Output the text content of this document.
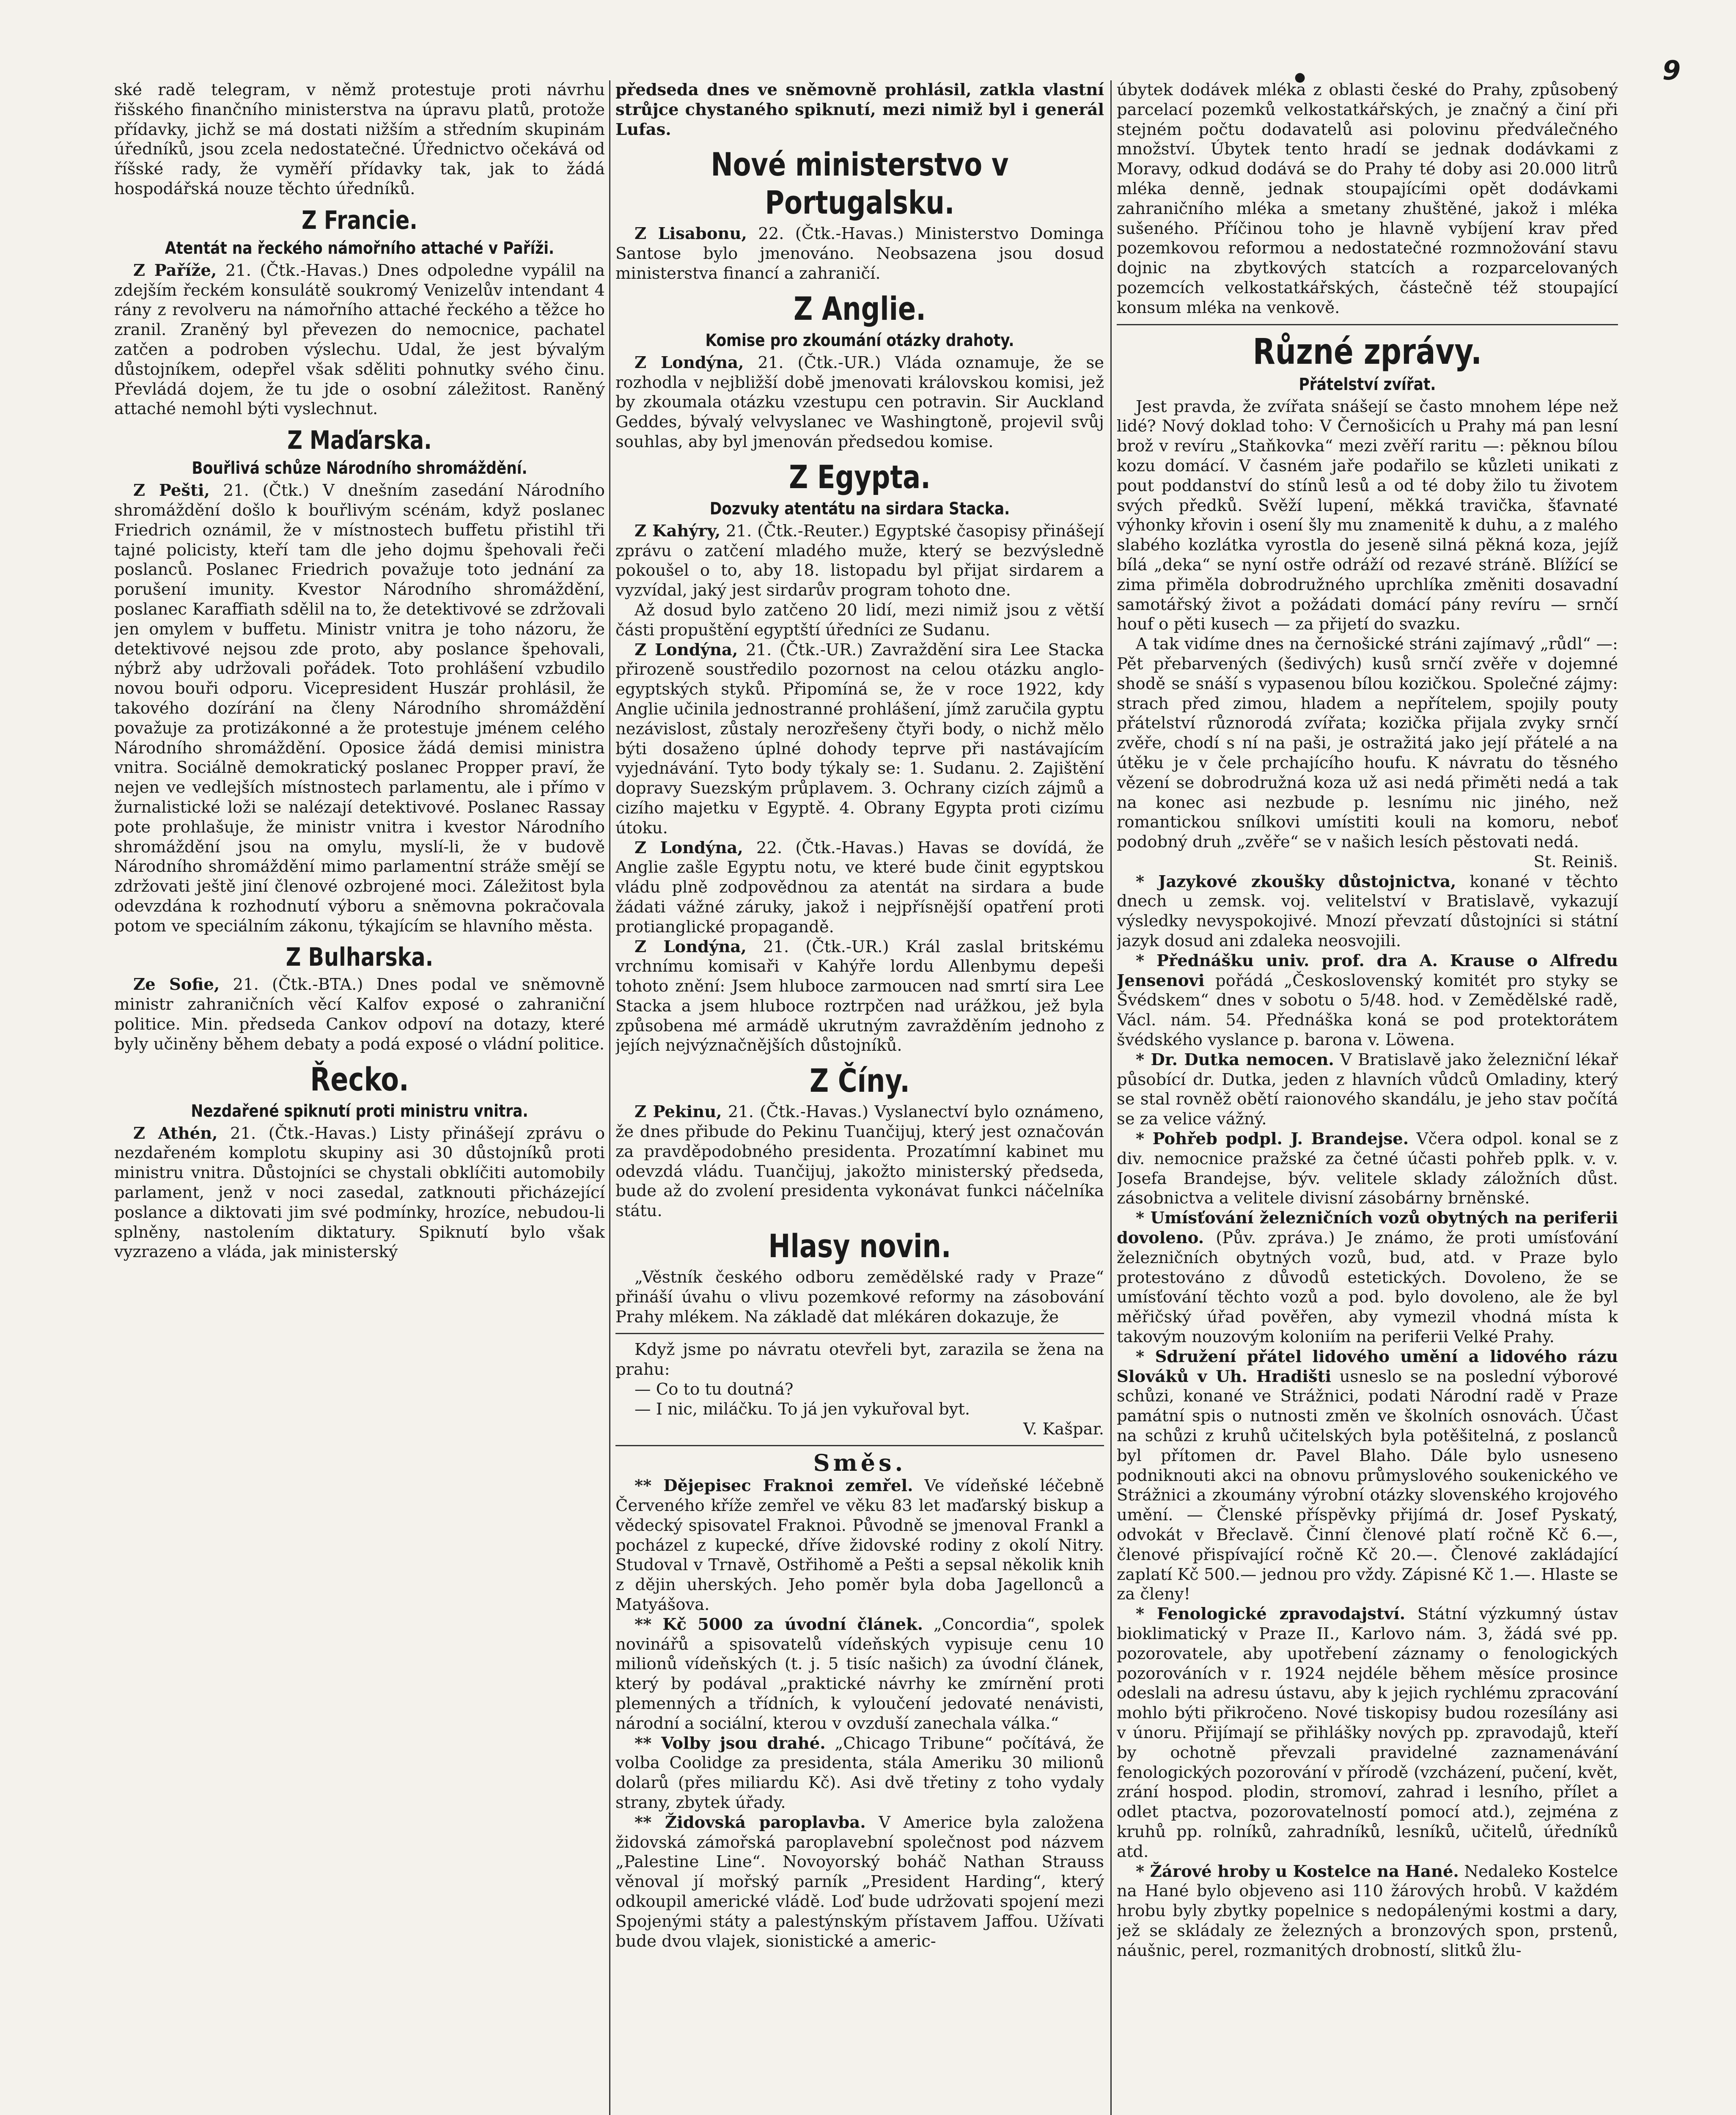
9
●

ské radě telegram, v němž protestuje proti návrhu řišského finančního ministerstva na úpravu platů, protože přídavky, jichž se má dostati nižším a středním skupinám úředníků, jsou zcela nedostatečné. Úřednictvo očekává od říšské rady, že vyměří přídavky tak, jak to žádá hospodářská nouze těchto úředníků.

Z Francie.
Atentát na řeckého námořního attaché v Paříži.

Z Paříže, 21. (Čtk.-Havas.) Dnes odpoledne vypálil na zdejším řeckém konsulátě soukromý Venizelův intendant 4 rány z revolveru na námořního attaché řeckého a těžce ho zranil. Zraněný byl převezen do nemocnice, pachatel zatčen a podroben výslechu. Udal, že jest bývalým důstojníkem, odepřel však sděliti pohnutky svého činu. Převládá dojem, že tu jde o osobní záležitost. Raněný attaché nemohl býti vyslechnut.

Z Maďarska.
Bouřlivá schůze Národního shromáždění.

Z Pešti, 21. (Čtk.) V dnešním zasedání Národního shromáždění došlo k bouřlivým scénám, když poslanec Friedrich oznámil, že v místnostech buffetu přistihl tři tajné policisty, kteří tam dle jeho dojmu špehovali řeči poslanců. Poslanec Friedrich považuje toto jednání za porušení imunity. Kvestor Národního shromáždění, poslanec Karaffiath sdělil na to, že detektivové se zdržovali jen omylem v buffetu. Ministr vnitra je toho názoru, že detektivové nejsou zde proto, aby poslance špehovali, nýbrž aby udržovali pořádek. Toto prohlášení vzbudilo novou bouři odporu. Vicepresident Huszár prohlásil, že takového dozírání na členy Národního shromáždění považuje za protizákonné a že protestuje jménem celého Národního shromáždění. Oposice žádá demisi ministra vnitra. Sociálně demokratický poslanec Propper praví, že nejen ve vedlejších místnostech parlamentu, ale i přímo v žurnalistické loži se nalézají detektivové. Poslanec Rassay pote prohlašuje, že ministr vnitra i kvestor Národního shromáždění jsou na omylu, myslí-li, že v budově Národního shromáždění mimo parlamentní stráže smějí se zdržovati ještě jiní členové ozbrojené moci. Záležitost byla odevzdána k rozhodnutí výboru a sněmovna pokračovala potom ve speciálním zákonu, týkajícím se hlavního města.

Z Bulharska.

Ze Sofie, 21. (Čtk.-BTA.) Dnes podal ve sněmovně ministr zahraničních věcí Kalfov exposé o zahraniční politice. Min. předseda Cankov odpoví na dotazy, které byly učiněny během debaty a podá exposé o vládní politice.

Řecko.
Nezdařené spiknutí proti ministru vnitra.

Z Athén, 21. (Čtk.-Havas.) Listy přinášejí zprávu o nezdařeném komplotu skupiny asi 30 důstojníků proti ministru vnitra. Důstojníci se chystali obklíčiti automobily parlament, jenž v noci zasedal, zatknouti přicházející poslance a diktovati jim své podmínky, hrozíce, nebudou-li splněny, nastolením diktatury. Spiknutí bylo však vyzrazeno a vláda, jak ministerský

předseda dnes ve sněmovně prohlásil, zatkla vlastní strůjce chystaného spiknutí, mezi nimiž byl i generál Lufas.

Nové ministerstvo v Portugalsku.

Z Lisabonu, 22. (Čtk.-Havas.) Ministerstvo Dominga Santose bylo jmenováno. Neobsazena jsou dosud ministerstva financí a zahraničí.

Z Anglie.
Komise pro zkoumání otázky drahoty.

Z Londýna, 21. (Čtk.-UR.) Vláda oznamuje, že se rozhodla v nejbližší době jmenovati královskou komisi, jež by zkoumala otázku vzestupu cen potravin. Sir Auckland Geddes, bývalý velvyslanec ve Washingtoně, projevil svůj souhlas, aby byl jmenován předsedou komise.

Z Egypta.
Dozvuky atentátu na sirdara Stacka.

Z Kahýry, 21. (Čtk.-Reuter.) Egyptské časopisy přinášejí zprávu o zatčení mladého muže, který se bezvýsledně pokoušel o to, aby 18. listopadu byl přijat sirdarem a vyzvídal, jaký jest sirdarův program tohoto dne.

Až dosud bylo zatčeno 20 lidí, mezi nimiž jsou z větší části propuštění egyptští úředníci ze Sudanu.

Z Londýna, 21. (Čtk.-UR.) Zavraždění sira Lee Stacka přirozeně soustředilo pozornost na celou otázku anglo-egyptských styků. Připomíná se, že v roce 1922, kdy Anglie učinila jednostranné prohlášení, jímž zaručila gyptu nezávislost, zůstaly nerozřešeny čtyři body, o nichž mělo býti dosaženo úplné dohody teprve při nastávajícím vyjednávání. Tyto body týkaly se: 1. Sudanu. 2. Zajištění dopravy Suezským průplavem. 3. Ochrany cizích zájmů a cizího majetku v Egyptě. 4. Obrany Egypta proti cizímu útoku.

Z Londýna, 22. (Čtk.-Havas.) Havas se dovídá, že Anglie zašle Egyptu notu, ve které bude činit egyptskou vládu plně zodpovědnou za atentát na sirdara a bude žádati vážné záruky, jakož i nejpřísnější opatření proti protianglické propagandě.

Z Londýna, 21. (Čtk.-UR.) Král zaslal britskému vrchnímu komisaři v Kahýře lordu Allenbymu depeši tohoto znění: Jsem hluboce zarmoucen nad smrtí sira Lee Stacka a jsem hluboce roztrpčen nad urážkou, jež byla způsobena mé armádě ukrutným zavražděním jednoho z jejích nejvýznačnějších důstojníků.

Z Číny.

Z Pekinu, 21. (Čtk.-Havas.) Vyslanectví bylo oznámeno, že dnes přibude do Pekinu Tuančijuj, který jest označován za pravděpodobného presidenta. Prozatímní kabinet mu odevzdá vládu. Tuančijuj, jakožto ministerský předseda, bude až do zvolení presidenta vykonávat funkci náčelníka státu.

Hlasy novin.

„Věstník českého odboru zemědělské rady v Praze“ přináší úvahu o vlivu pozemkové reformy na zásobování Prahy mlékem. Na základě dat mlékáren dokazuje, že

Když jsme po návratu otevřeli byt, zarazila se žena na prahu:

— Co to tu doutná?

— I nic, miláčku. To já jen vykuřoval byt.

V. Kašpar.
Směs.

** Dějepisec Fraknoi zemřel. Ve vídeňské léčebně Červeného kříže zemřel ve věku 83 let maďarský biskup a vědecký spisovatel Fraknoi. Původně se jmenoval Frankl a pocházel z kupecké, dříve židovské rodiny z okolí Nitry. Studoval v Trnavě, Ostřihomě a Pešti a sepsal několik knih z dějin uherských. Jeho poměr byla doba Jagellonců a Matyášova.

** Kč 5000 za úvodní článek. „Concordia“, spolek novinářů a spisovatelů vídeňských vypisuje cenu 10 milionů vídeňských (t. j. 5 tisíc našich) za úvodní článek, který by podával „praktické návrhy ke zmírnění proti plemenných a třídních, k vyloučení jedovaté nenávisti, národní a sociální, kterou v ovzduší zanechala válka.“

** Volby jsou drahé. „Chicago Tribune“ počítává, že volba Coolidge za presidenta, stála Ameriku 30 milionů dolarů (přes miliardu Kč). Asi dvě třetiny z toho vydaly strany, zbytek úřady.

** Židovská paroplavba. V Americe byla založena židovská zámořská paroplavební společnost pod názvem „Palestine Line“. Novoyorský boháč Nathan Strauss věnoval jí mořský parník „President Harding“, který odkoupil americké vládě. Loď bude udržovati spojení mezi Spojenými státy a palestýnským přístavem Jaffou. Užívati bude dvou vlajek, sionistické a americ-

úbytek dodávek mléka z oblasti české do Prahy, způsobený parcelací pozemků velkostatkářských, je značný a činí při stejném počtu dodavatelů asi polovinu předválečného množství. Úbytek tento hradí se jednak dodávkami z Moravy, odkud dodává se do Prahy té doby asi 20.000 litrů mléka denně, jednak stoupajícími opět dodávkami zahraničního mléka a smetany zhuštěné, jakož i mléka sušeného. Příčinou toho je hlavně vybíjení krav před pozemkovou reformou a nedostatečné rozmnožování stavu dojnic na zbytkových statcích a rozparcelovaných pozemcích velkostatkářských, částečně též stoupající konsum mléka na venkově.

Různé zprávy.
Přátelství zvířat.

Jest pravda, že zvířata snášejí se často mnohem lépe než lidé? Nový doklad toho: V Černošicích u Prahy má pan lesní brož v revíru „Staňkovka“ mezi zvěří raritu —: pěknou bílou kozu domácí. V časném jaře podařilo se kůzleti unikati z pout poddanství do stínů lesů a od té doby žilo tu životem svých předků. Svěží lupení, měkká travička, šťavnaté výhonky křovin i osení šly mu znamenitě k duhu, a z malého slabého kozlátka vyrostla do jeseně silná pěkná koza, jejíž bílá „deka“ se nyní ostře odráží od rezavé stráně. Blížící se zima přiměla dobrodružného uprchlíka změniti dosavadní samotářský život a požádati domácí pány revíru — srnčí houf o pěti kusech — za přijetí do svazku.

A tak vidíme dnes na černošické stráni zajímavý „růdl“ —: Pět přebarvených (šedivých) kusů srnčí zvěře v dojemné shodě se snáší s vypasenou bílou kozičkou. Společné zájmy: strach před zimou, hladem a nepřítelem, spojily pouty přátelství různorodá zvířata; kozička přijala zvyky srnčí zvěře, chodí s ní na paši, je ostražitá jako její přátelé a na útěku je v čele prchajícího houfu. K návratu do těsného vězení se dobrodružná koza už asi nedá přiměti nedá a tak na konec asi nezbude p. lesnímu nic jiného, než romantickou snílkovi umístiti kouli na komoru, neboť podobný druh „zvěře“ se v našich lesích pěstovati nedá.

St. Reiniš.

* Jazykové zkoušky důstojnictva, konané v těchto dnech u zemsk. voj. velitelství v Bratislavě, vykazují výsledky nevyspokojivé. Mnozí převzatí důstojníci si státní jazyk dosud ani zdaleka neosvojili.

* Přednášku univ. prof. dra A. Krause o Alfredu Jensenovi pořádá „Československý komitét pro styky se Švédskem“ dnes v sobotu o 5/48. hod. v Zemědělské radě, Václ. nám. 54. Přednáška koná se pod protektorátem švédského vyslance p. barona v. Löwena.

* Dr. Dutka nemocen. V Bratislavě jako železniční lékař působící dr. Dutka, jeden z hlavních vůdců Omladiny, který se stal rovněž obětí raionového skandálu, je jeho stav počítá se za velice vážný.

* Pohřeb podpl. J. Brandejse. Včera odpol. konal se z div. nemocnice pražské za četné účasti pohřeb pplk. v. v. Josefa Brandejse, býv. velitele sklady záložních důst. zásobnictva a velitele divisní zásobárny brněnské.

* Umísťování železničních vozů obytných na periferii dovoleno. (Pův. zpráva.) Je známo, že proti umísťování železničních obytných vozů, bud, atd. v Praze bylo protestováno z důvodů estetických. Dovoleno, že se umísťování těchto vozů a pod. bylo dovoleno, ale že byl měřičský úřad pověřen, aby vymezil vhodná místa k takovým nouzovým koloniím na periferii Velké Prahy.

* Sdružení přátel lidového umění a lidového rázu Slováků v Uh. Hradišti usneslo se na poslední výborové schůzi, konané ve Strážnici, podati Národní radě v Praze památní spis o nutnosti změn ve školních osnovách. Účast na schůzi z kruhů učitelských byla potěšitelná, z poslanců byl přítomen dr. Pavel Blaho. Dále bylo usneseno podniknouti akci na obnovu průmyslového soukenického ve Strážnici a zkoumány výrobní otázky slovenského krojového umění. — Členské příspěvky přijímá dr. Josef Pyskatý, odvokát v Břeclavě. Činní členové platí ročně Kč 6.—, členové přispívající ročně Kč 20.—. Členové zakládající zaplatí Kč 500.— jednou pro vždy. Zápisné Kč 1.—. Hlaste se za členy!

* Fenologické zpravodajství. Státní výzkumný ústav bioklimatický v Praze II., Karlovo nám. 3, žádá své pp. pozorovatele, aby upotřebení záznamy o fenologických pozorováních v r. 1924 nejdéle během měsíce prosince odeslali na adresu ústavu, aby k jejich rychlému zpracování mohlo býti přikročeno. Nové tiskopisy budou rozesílány asi v únoru. Přijímají se přihlášky nových pp. zpravodajů, kteří by ochotně převzali pravidelné zaznamenávání fenologických pozorování v přírodě (vzcházení, pučení, květ, zrání hospod. plodin, stromoví, zahrad i lesního, přílet a odlet ptactva, pozorovatelností pomocí atd.), zejména z kruhů pp. rolníků, zahradníků, lesníků, učitelů, úředníků atd.

* Žárové hroby u Kostelce na Hané. Nedaleko Kostelce na Hané bylo objeveno asi 110 žárových hrobů. V každém hrobu byly zbytky popelnice s nedopálenými kostmi a dary, jež se skládaly ze železných a bronzových spon, prstenů, náušnic, perel, rozmanitých drobností, slitků žlu-
